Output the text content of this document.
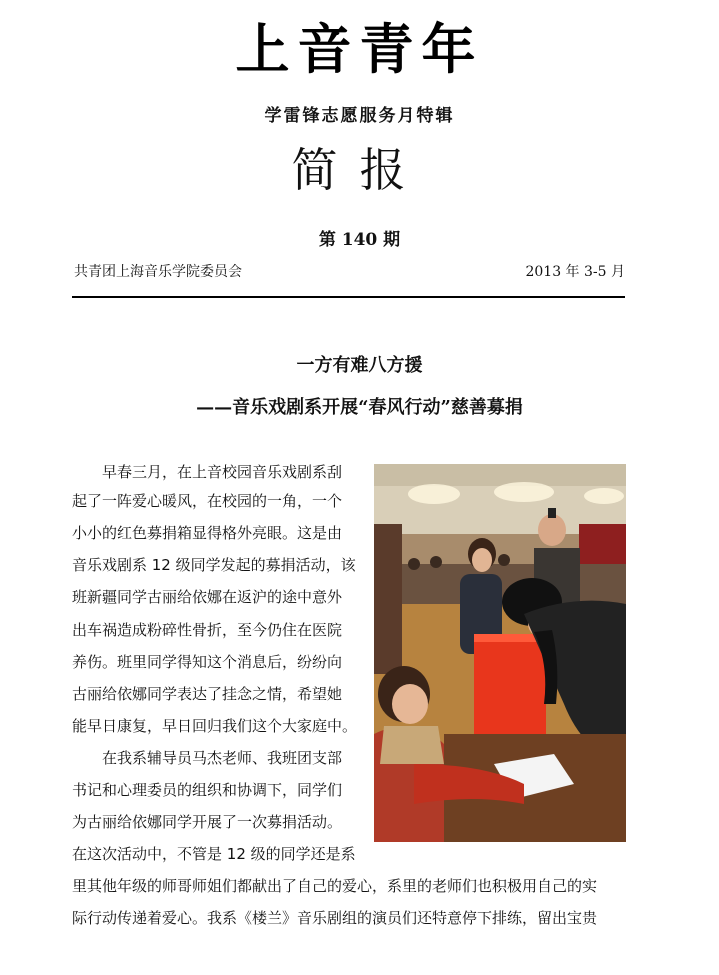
上音青年
学雷锋志愿服务月特辑
简报
第 140 期
共青团上海音乐学院委员会	2013 年 3-5 月
一方有难八方援
——音乐戏剧系开展“春风行动”慈善募捐
　　早春三月，在上音校园音乐戏剧系刮
起了一阵爱心暖风，在校园的一角，一个
小小的红色募捐箱显得格外亮眼。这是由
音乐戏剧系 12 级同学发起的募捐活动，该
班新疆同学古丽给依娜在返沪的途中意外
出车祸造成粉碎性骨折，至今仍住在医院
养伤。班里同学得知这个消息后，纷纷向
古丽给依娜同学表达了挂念之情，希望她
能早日康复，早日回归我们这个大家庭中。
　　在我系辅导员马杰老师、我班团支部
书记和心理委员的组织和协调下，同学们
为古丽给依娜同学开展了一次募捐活动。
在这次活动中，不管是 12 级的同学还是系
里其他年级的师哥师姐们都献出了自己的爱心，系里的老师们也积极用自己的实
际行动传递着爱心。我系《楼兰》音乐剧组的演员们还特意停下排练，留出宝贵
